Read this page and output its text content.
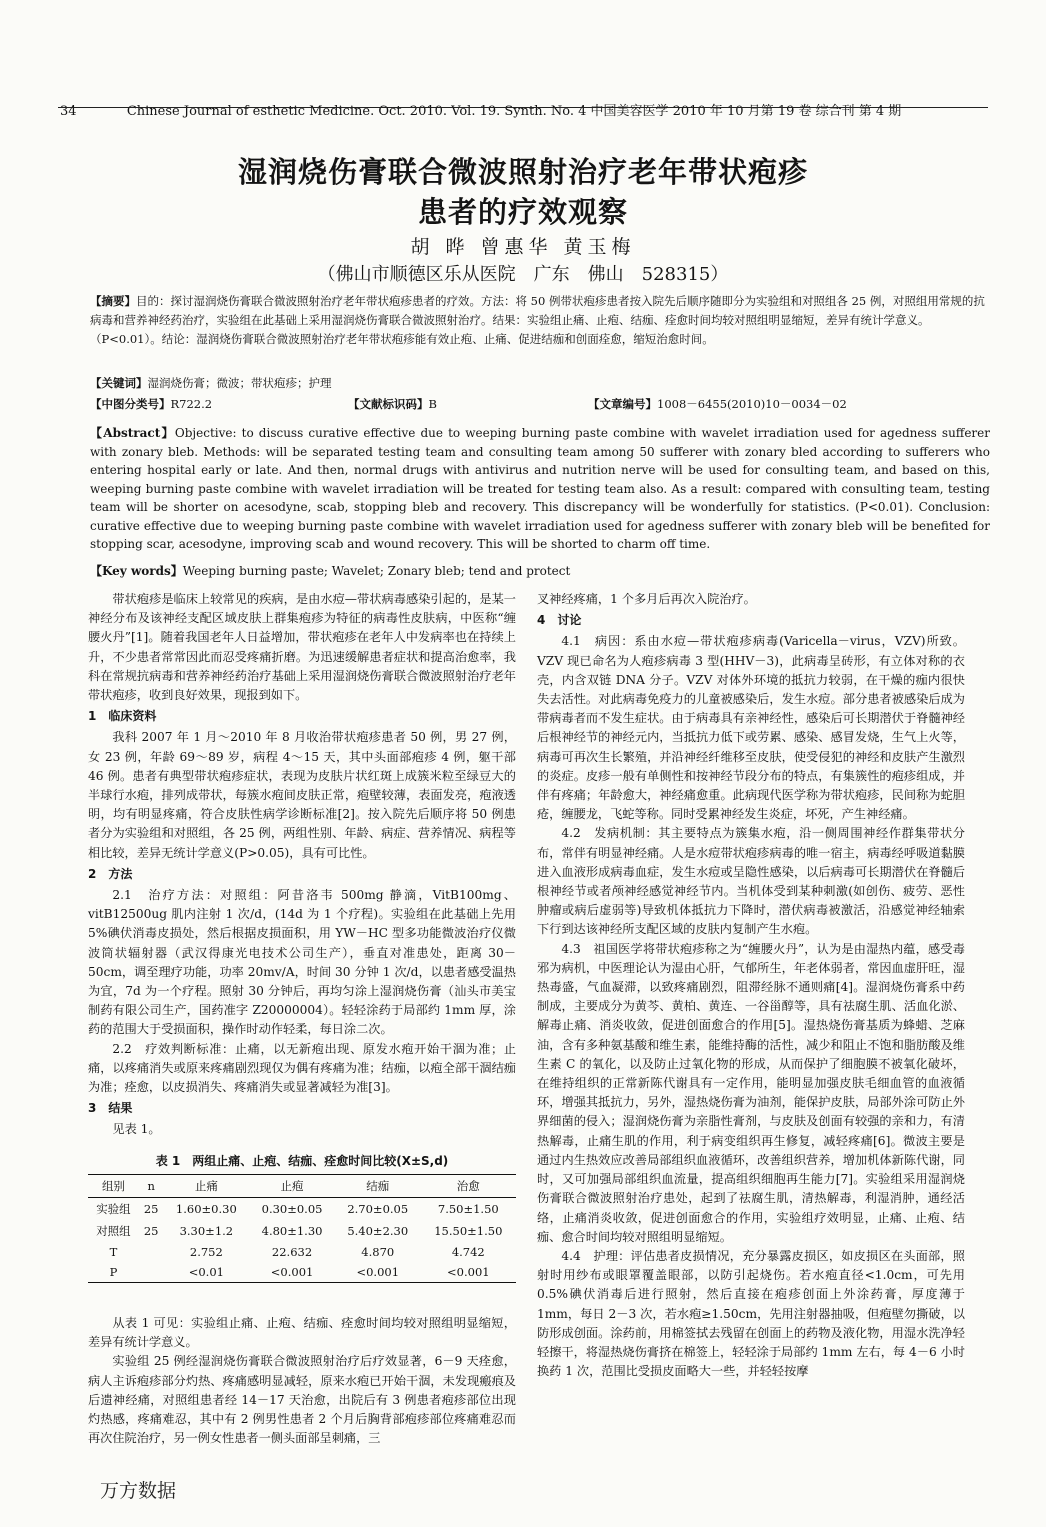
34	Chinese Journal of esthetic Medicine. Oct. 2010. Vol. 19. Synth. No. 4 中国美容医学 2010 年 10 月第 19 卷 综合刊 第 4 期
湿润烧伤膏联合微波照射治疗老年带状疱疹
患者的疗效观察
胡 晔 曾惠华 黄玉梅
（佛山市顺德区乐从医院　广东　佛山　528315）
【摘要】目的：探讨湿润烧伤膏联合微波照射治疗老年带状疱疹患者的疗效。方法：将 50 例带状疱疹患者按入院先后顺序随即分为实验组和对照组各 25 例，对照组用常规的抗病毒和营养神经药治疗，实验组在此基础上采用湿润烧伤膏联合微波照射治疗。结果：实验组止痛、止疱、结痂、痊愈时间均较对照组明显缩短，差异有统计学意义。（P<0.01）。结论：湿润烧伤膏联合微波照射治疗老年带状疱疹能有效止疱、止痛、促进结痂和创面痊愈，缩短治愈时间。
【关键词】湿润烧伤膏；微波；带状疱疹；护理
【中图分类号】R722.2	【文献标识码】B	【文章编号】1008－6455(2010)10－0034－02
【Abstract】Objective: to discuss curative effective due to weeping burning paste combine with wavelet irradiation used for agedness sufferer with zonary bleb. Methods: will be separated testing team and consulting team among 50 sufferer with zonary bled according to sufferers who entering hospital early or late. And then, normal drugs with antivirus and nutrition nerve will be used for consulting team, and based on this, weeping burning paste combine with wavelet irradiation will be treated for testing team also. As a result: compared with consulting team, testing team will be shorter on acesodyne, scab, stopping bleb and recovery. This discrepancy will be wonderfully for statistics. (P<0.01). Conclusion: curative effective due to weeping burning paste combine with wavelet irradiation used for agedness sufferer with zonary bleb will be benefited for stopping scar, acesodyne, improving scab and wound recovery. This will be shorted to charm off time.
【Key words】Weeping burning paste; Wavelet; Zonary bleb; tend and protect

带状疱疹是临床上较常见的疾病，是由水痘—带状病毒感染引起的，是某一神经分布及该神经支配区域皮肤上群集疱疹为特征的病毒性皮肤病，中医称“缠腰火丹”[1]。随着我国老年人日益增加，带状疱疹在老年人中发病率也在持续上升，不少患者常常因此而忍受疼痛折磨。为迅速缓解患者症状和提高治愈率，我科在常规抗病毒和营养神经药治疗基础上采用湿润烧伤膏联合微波照射治疗老年带状疱疹，收到良好效果，现报到如下。

1　临床资料

我科 2007 年 1 月～2010 年 8 月收治带状疱疹患者 50 例，男 27 例，女 23 例，年龄 69～89 岁，病程 4～15 天，其中头面部疱疹 4 例，躯干部 46 例。患者有典型带状疱疹症状，表现为皮肤片状红斑上成簇米粒至绿豆大的半球行水疱，排列成带状，每簇水疱间皮肤正常，疱壁较薄，表面发亮，疱液透明，均有明显疼痛，符合皮肤性病学诊断标准[2]。按入院先后顺序将 50 例患者分为实验组和对照组，各 25 例，两组性别、年龄、病症、营养情况、病程等相比较，差异无统计学意义(P>0.05)，具有可比性。

2　方法

2.1　治疗方法：对照组：阿昔洛韦 500mg 静滴，VitB100mg、vitB12500ug 肌内注射 1 次/d，(14d 为 1 个疗程)。实验组在此基础上先用 5%碘伏消毒皮损处，然后根据皮损面积，用 YW－HC 型多功能微波治疗仪微波筒状辐射器（武汉得康光电技术公司生产），垂直对准患处，距离 30－50cm，调至理疗功能，功率 20mv/A，时间 30 分钟 1 次/d，以患者感受温热为宜，7d 为一个疗程。照射 30 分钟后，再均匀涂上湿润烧伤膏（汕头市美宝制药有限公司生产，国药准字 Z20000004）。轻轻涂药于局部约 1mm 厚，涂药的范围大于受损面积，操作时动作轻柔，每日涂二次。

2.2　疗效判断标准：止痛，以无新疱出现、原发水疱开始干涸为准；止痛，以疼痛消失或原来疼痛剧烈现仅为偶有疼痛为准；结痂，以疱全部干涸结痂为准；痊愈，以皮损消失、疼痛消失或显著减轻为准[3]。

3　结果

见表 1。

表 1　两组止痛、止疱、结痂、痊愈时间比较(X±S,d)
组别	n	止痛	止疱	结痂	治愈
实验组	25	1.60±0.30	0.30±0.05	2.70±0.05	7.50±1.50
对照组	25	3.30±1.2	4.80±1.30	5.40±2.30	15.50±1.50
T		2.752	22.632	4.870	4.742
P		<0.01	<0.001	<0.001	<0.001

从表 1 可见：实验组止痛、止疱、结痂、痊愈时间均较对照组明显缩短，差异有统计学意义。

实验组 25 例经湿润烧伤膏联合微波照射治疗后疗效显著，6－9 天痊愈，病人主诉疱疹部分灼热、疼痛感明显减轻，原来水疱已开始干涸，未发现瘢痕及后遗神经痛，对照组患者经 14－17 天治愈，出院后有 3 例患者疱疹部位出现灼热感，疼痛难忍，其中有 2 例男性患者 2 个月后胸背部疱疹部位疼痛难忍而再次住院治疗，另一例女性患者一侧头面部呈刺痛，三

叉神经疼痛，1 个多月后再次入院治疗。
4　讨论

4.1　病因：系由水痘—带状疱疹病毒(Varicella－virus，VZV)所致。VZV 现已命名为人疱疹病毒 3 型(HHV－3)，此病毒呈砖形，有立体对称的衣壳，内含双链 DNA 分子。VZV 对体外环境的抵抗力较弱，在干燥的痂内很快失去活性。对此病毒免疫力的儿童被感染后，发生水痘。部分患者被感染后成为带病毒者而不发生症状。由于病毒具有亲神经性，感染后可长期潜伏于脊髓神经后根神经节的神经元内，当抵抗力低下或劳累、感染、感冒发烧，生气上火等，病毒可再次生长繁殖，并沿神经纤维移至皮肤，使受侵犯的神经和皮肤产生激烈的炎症。皮疹一般有单侧性和按神经节段分布的特点，有集簇性的疱疹组成，并伴有疼痛；年龄愈大，神经痛愈重。此病现代医学称为带状疱疹，民间称为蛇胆疮，缠腰龙，飞蛇等称。同时受累神经发生炎症，坏死，产生神经痛。

4.2　发病机制：其主要特点为簇集水疱，沿一侧周围神经作群集带状分布，常伴有明显神经痛。人是水痘带状疱疹病毒的唯一宿主，病毒经呼吸道黏膜进入血液形成病毒血症，发生水痘或呈隐性感染，以后病毒可长期潜伏在脊髓后根神经节或者颅神经感觉神经节内。当机体受到某种刺激(如创伤、疲劳、恶性肿瘤或病后虚弱等)导致机体抵抗力下降时，潜伏病毒被激活，沿感觉神经轴索下行到达该神经所支配区域的皮肤内复制产生水疱。

4.3　祖国医学将带状疱疹称之为“缠腰火丹”，认为是由湿热内蕴，感受毒邪为病机，中医理论认为湿由心肝，气郁所生，年老体弱者，常因血虚肝旺，湿热毒盛，气血凝滞，以致疼痛剧烈，阻滞经脉不通则痛[4]。湿润烧伤膏系中药制成，主要成分为黄芩、黄柏、黄连、一谷甾醇等，具有祛腐生肌、活血化淤、解毒止痛、消炎收敛，促进创面愈合的作用[5]。湿热烧伤膏基质为蜂蜡、芝麻油，含有多种氨基酸和维生素，能维持酶的活性，减少和阻止不饱和脂肪酸及维生素 C 的氧化，以及防止过氧化物的形成，从而保护了细胞膜不被氧化破坏，在维持组织的正常新陈代谢具有一定作用，能明显加强皮肤毛细血管的血液循环，增强其抵抗力，另外，湿热烧伤膏为油剂，能保护皮肤，局部外涂可防止外界细菌的侵入；湿润烧伤膏为亲脂性膏剂，与皮肤及创面有较强的亲和力，有清热解毒，止痛生肌的作用，利于病变组织再生修复，减轻疼痛[6]。微波主要是通过内生热效应改善局部组织血液循环，改善组织营养，增加机体新陈代谢，同时，又可加强局部组织血流量，提高组织细胞再生能力[7]。实验组采用湿润烧伤膏联合微波照射治疗患处，起到了祛腐生肌，清热解毒，利湿消肿，通经活络，止痛消炎收敛，促进创面愈合的作用，实验组疗效明显，止痛、止疱、结痂、愈合时间均较对照组明显缩短。

4.4　护理：评估患者皮损情况，充分暴露皮损区，如皮损区在头面部，照射时用纱布或眼罩覆盖眼部，以防引起烧伤。若水疱直径<1.0cm，可先用 0.5%碘伏消毒后进行照射，然后直接在疱疹创面上外涂药膏，厚度薄于 1mm，每日 2－3 次，若水疱≥1.50cm，先用注射器抽吸，但疱壁勿撕破，以防形成创面。涂药前，用棉签拭去残留在创面上的药物及液化物，用湿水洗净轻轻擦干，将湿热烧伤膏挤在棉签上，轻轻涂于局部约 1mm 左右，每 4－6 小时换药 1 次，范围比受损皮面略大一些，并轻轻按摩

万方数据
